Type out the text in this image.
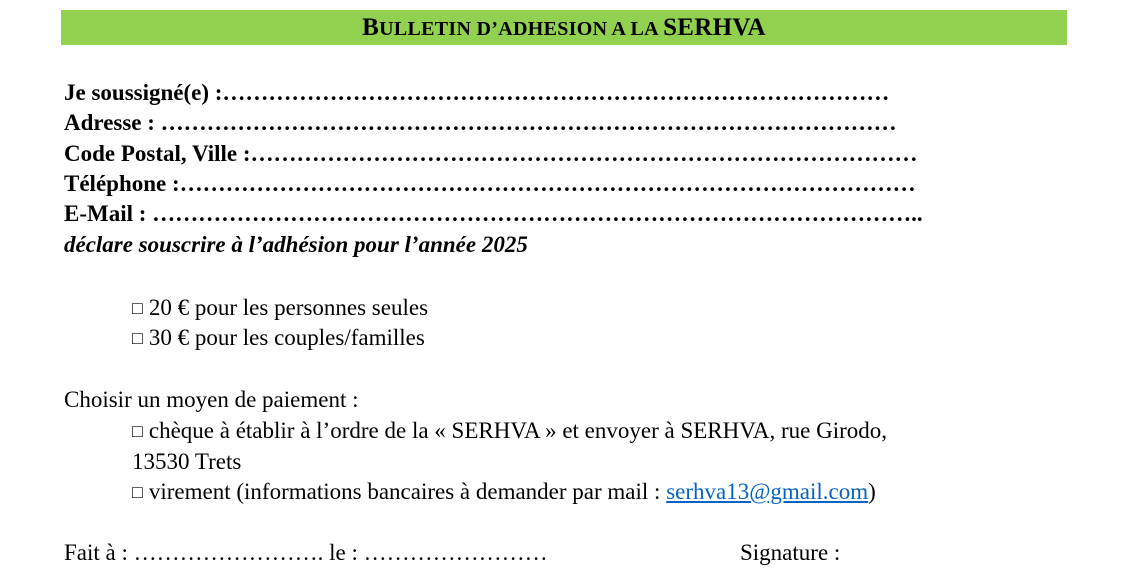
BULLETIN D’ADHESION A LA SERHVA
Je soussigné(e) :……………………………………………………………………………
Adresse : ……………………………………………………………………………………
Code Postal, Ville :……………………………………………………………………………
Téléphone :……………………………………………………………………………………
E-Mail : ………………………………………………………………………………………..
déclare souscrire à l’adhésion pour l’année 2025
□ 20 € pour les personnes seules
□ 30 € pour les couples/familles
Choisir un moyen de paiement :
□ chèque à établir à l’ordre de la « SERHVA » et envoyer à SERHVA, rue Girodo,
13530 Trets
□ virement (informations bancaires à demander par mail : serhva13@gmail.com)
Fait à : ……………………. le : ……………………	Signature :
